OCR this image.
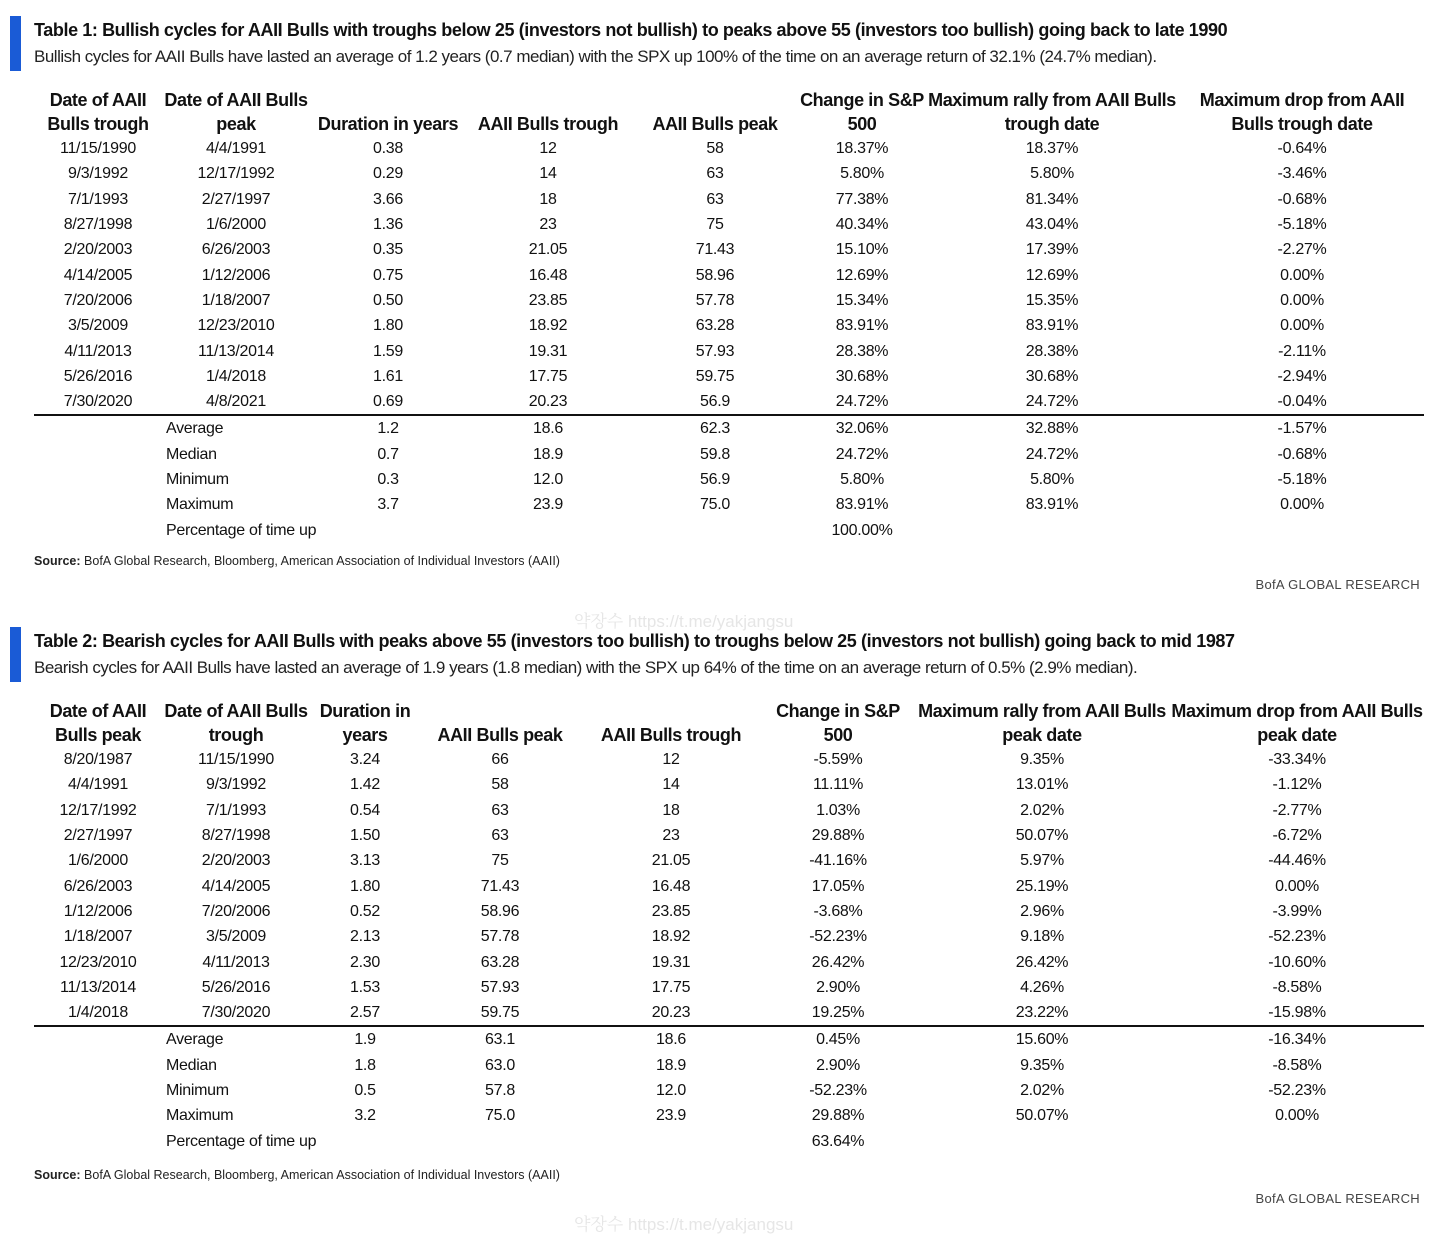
Table 1: Bullish cycles for AAII Bulls with troughs below 25 (investors not bullish) to peaks above 55 (investors too bullish) going back to late 1990
Bullish cycles for AAII Bulls have lasted an average of 1.2 years (0.7 median) with the SPX up 100% of the time on an average return of 32.1% (24.7% median).
Date of AAII Bulls trough	Date of AAII Bulls peak	Duration in years	AAII Bulls trough	AAII Bulls peak	Change in S&P 500	Maximum rally from AAII Bulls trough date	Maximum drop from AAII Bulls trough date
11/15/1990	4/4/1991	0.38	12	58	18.37%	18.37%	-0.64%
9/3/1992	12/17/1992	0.29	14	63	5.80%	5.80%	-3.46%
7/1/1993	2/27/1997	3.66	18	63	77.38%	81.34%	-0.68%
8/27/1998	1/6/2000	1.36	23	75	40.34%	43.04%	-5.18%
2/20/2003	6/26/2003	0.35	21.05	71.43	15.10%	17.39%	-2.27%
4/14/2005	1/12/2006	0.75	16.48	58.96	12.69%	12.69%	0.00%
7/20/2006	1/18/2007	0.50	23.85	57.78	15.34%	15.35%	0.00%
3/5/2009	12/23/2010	1.80	18.92	63.28	83.91%	83.91%	0.00%
4/11/2013	11/13/2014	1.59	19.31	57.93	28.38%	28.38%	-2.11%
5/26/2016	1/4/2018	1.61	17.75	59.75	30.68%	30.68%	-2.94%
7/30/2020	4/8/2021	0.69	20.23	56.9	24.72%	24.72%	-0.04%
	Average	1.2	18.6	62.3	32.06%	32.88%	-1.57%
	Median	0.7	18.9	59.8	24.72%	24.72%	-0.68%
	Minimum	0.3	12.0	56.9	5.80%	5.80%	-5.18%
	Maximum	3.7	23.9	75.0	83.91%	83.91%	0.00%
	Percentage of time up				100.00%		
Source: BofA Global Research, Bloomberg, American Association of Individual Investors (AAII)
BofA GLOBAL RESEARCH
약장수 https://t.me/yakjangsu
Table 2: Bearish cycles for AAII Bulls with peaks above 55 (investors too bullish) to troughs below 25 (investors not bullish) going back to mid 1987
Bearish cycles for AAII Bulls have lasted an average of 1.9 years (1.8 median) with the SPX up 64% of the time on an average return of 0.5% (2.9% median).
Date of AAII Bulls peak	Date of AAII Bulls trough	Duration in years	AAII Bulls peak	AAII Bulls trough	Change in S&P 500	Maximum rally from AAII Bulls peak date	Maximum drop from AAII Bulls peak date
8/20/1987	11/15/1990	3.24	66	12	-5.59%	9.35%	-33.34%
4/4/1991	9/3/1992	1.42	58	14	11.11%	13.01%	-1.12%
12/17/1992	7/1/1993	0.54	63	18	1.03%	2.02%	-2.77%
2/27/1997	8/27/1998	1.50	63	23	29.88%	50.07%	-6.72%
1/6/2000	2/20/2003	3.13	75	21.05	-41.16%	5.97%	-44.46%
6/26/2003	4/14/2005	1.80	71.43	16.48	17.05%	25.19%	0.00%
1/12/2006	7/20/2006	0.52	58.96	23.85	-3.68%	2.96%	-3.99%
1/18/2007	3/5/2009	2.13	57.78	18.92	-52.23%	9.18%	-52.23%
12/23/2010	4/11/2013	2.30	63.28	19.31	26.42%	26.42%	-10.60%
11/13/2014	5/26/2016	1.53	57.93	17.75	2.90%	4.26%	-8.58%
1/4/2018	7/30/2020	2.57	59.75	20.23	19.25%	23.22%	-15.98%
	Average	1.9	63.1	18.6	0.45%	15.60%	-16.34%
	Median	1.8	63.0	18.9	2.90%	9.35%	-8.58%
	Minimum	0.5	57.8	12.0	-52.23%	2.02%	-52.23%
	Maximum	3.2	75.0	23.9	29.88%	50.07%	0.00%
	Percentage of time up				63.64%		
Source: BofA Global Research, Bloomberg, American Association of Individual Investors (AAII)
BofA GLOBAL RESEARCH
약장수 https://t.me/yakjangsu
